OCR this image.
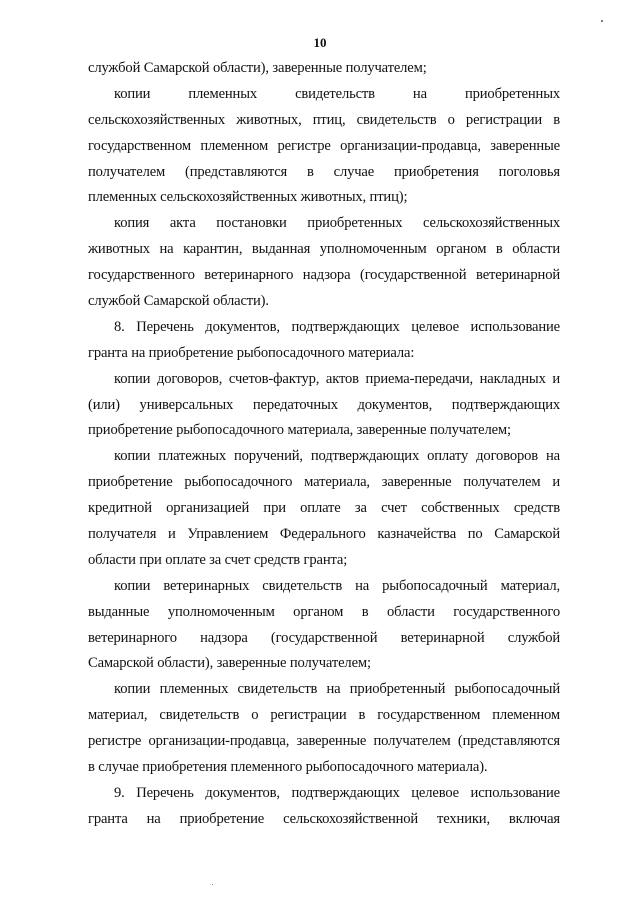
10
службой Самарской области), заверенные получателем;
копии племенных свидетельств на приобретенных
сельскохозяйственных животных, птиц, свидетельств о регистрации в
государственном племенном регистре организации-продавца, заверенные
получателем (представляются в случае приобретения поголовья
племенных сельскохозяйственных животных, птиц);
копия акта постановки приобретенных сельскохозяйственных
животных на карантин, выданная уполномоченным органом в области
государственного ветеринарного надзора (государственной ветеринарной
службой Самарской области).
8. Перечень документов, подтверждающих целевое использование
гранта на приобретение рыбопосадочного материала:
копии договоров, счетов-фактур, актов приема-передачи, накладных и
(или) универсальных передаточных документов, подтверждающих
приобретение рыбопосадочного материала, заверенные получателем;
копии платежных поручений, подтверждающих оплату договоров на
приобретение рыбопосадочного материала, заверенные получателем и
кредитной организацией при оплате за счет собственных средств
получателя и Управлением Федерального казначейства по Самарской
области при оплате за счет средств гранта;
копии ветеринарных свидетельств на рыбопосадочный материал,
выданные уполномоченным органом в области государственного
ветеринарного надзора (государственной ветеринарной службой
Самарской области), заверенные получателем;
копии племенных свидетельств на приобретенный рыбопосадочный
материал, свидетельств о регистрации в государственном племенном
регистре организации-продавца, заверенные получателем (представляются
в случае приобретения племенного рыбопосадочного материала).
9. Перечень документов, подтверждающих целевое использование
гранта на приобретение сельскохозяйственной техники, включая
